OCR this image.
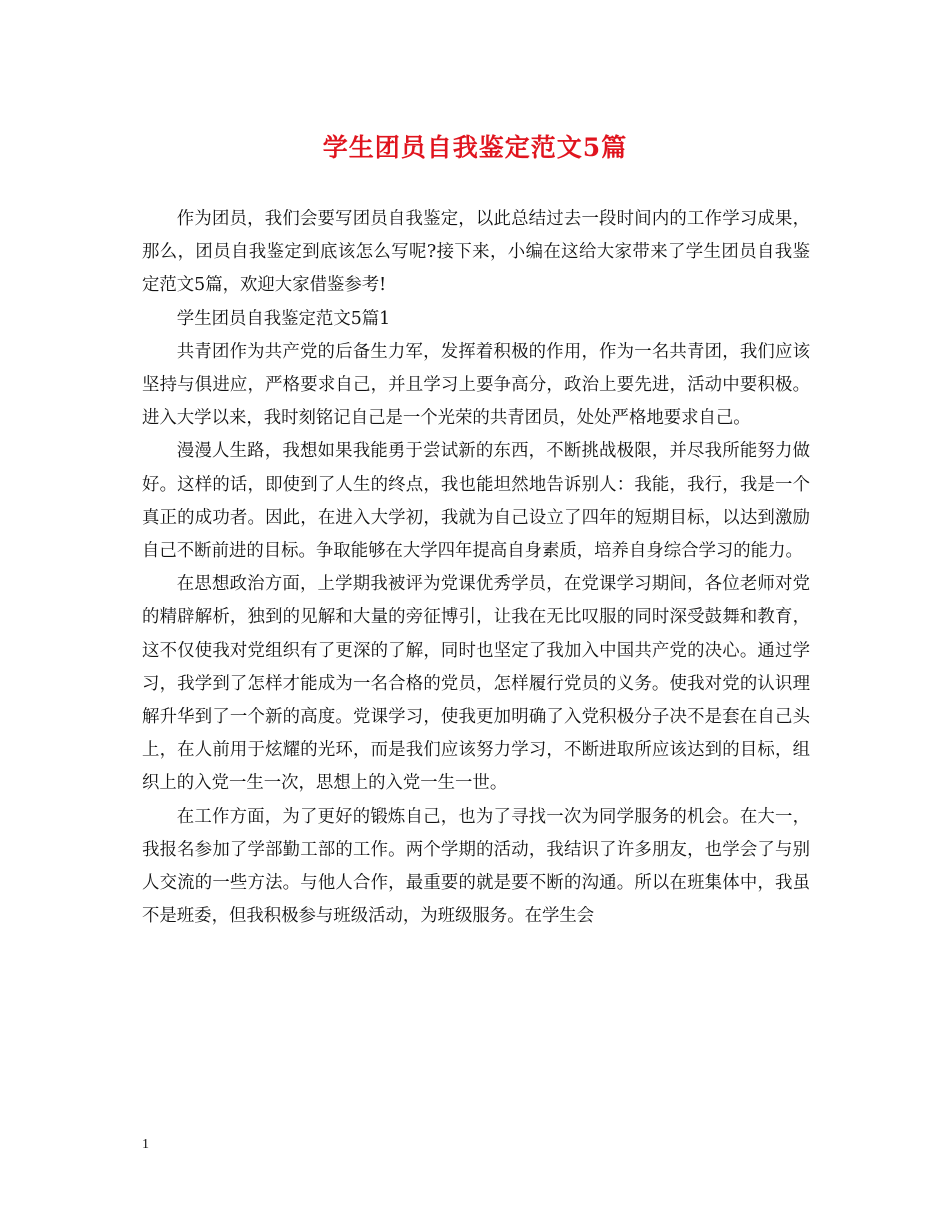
学生团员自我鉴定范文5篇

作为团员，我们会要写团员自我鉴定，以此总结过去一段时间内的工作学习成果，那么，团员自我鉴定到底该怎么写呢?接下来，小编在这给大家带来了学生团员自我鉴定范文5篇，欢迎大家借鉴参考!

学生团员自我鉴定范文5篇1

共青团作为共产党的后备生力军，发挥着积极的作用，作为一名共青团，我们应该坚持与俱进应，严格要求自己，并且学习上要争高分，政治上要先进，活动中要积极。进入大学以来，我时刻铭记自己是一个光荣的共青团员，处处严格地要求自己。

漫漫人生路，我想如果我能勇于尝试新的东西，不断挑战极限，并尽我所能努力做好。这样的话，即使到了人生的终点，我也能坦然地告诉别人：我能，我行，我是一个真正的成功者。因此，在进入大学初，我就为自己设立了四年的短期目标，以达到激励自己不断前进的目标。争取能够在大学四年提高自身素质，培养自身综合学习的能力。

在思想政治方面，上学期我被评为党课优秀学员，在党课学习期间，各位老师对党的精辟解析，独到的见解和大量的旁征博引，让我在无比叹服的同时深受鼓舞和教育，这不仅使我对党组织有了更深的了解，同时也坚定了我加入中国共产党的决心。通过学习，我学到了怎样才能成为一名合格的党员，怎样履行党员的义务。使我对党的认识理解升华到了一个新的高度。党课学习，使我更加明确了入党积极分子决不是套在自己头上，在人前用于炫耀的光环，而是我们应该努力学习，不断进取所应该达到的目标，组织上的入党一生一次，思想上的入党一生一世。

在工作方面，为了更好的锻炼自己，也为了寻找一次为同学服务的机会。在大一，我报名参加了学部勤工部的工作。两个学期的活动，我结识了许多朋友，也学会了与别人交流的一些方法。与他人合作，最重要的就是要不断的沟通。所以在班集体中，我虽不是班委，但我积极参与班级活动，为班级服务。在学生会

1
